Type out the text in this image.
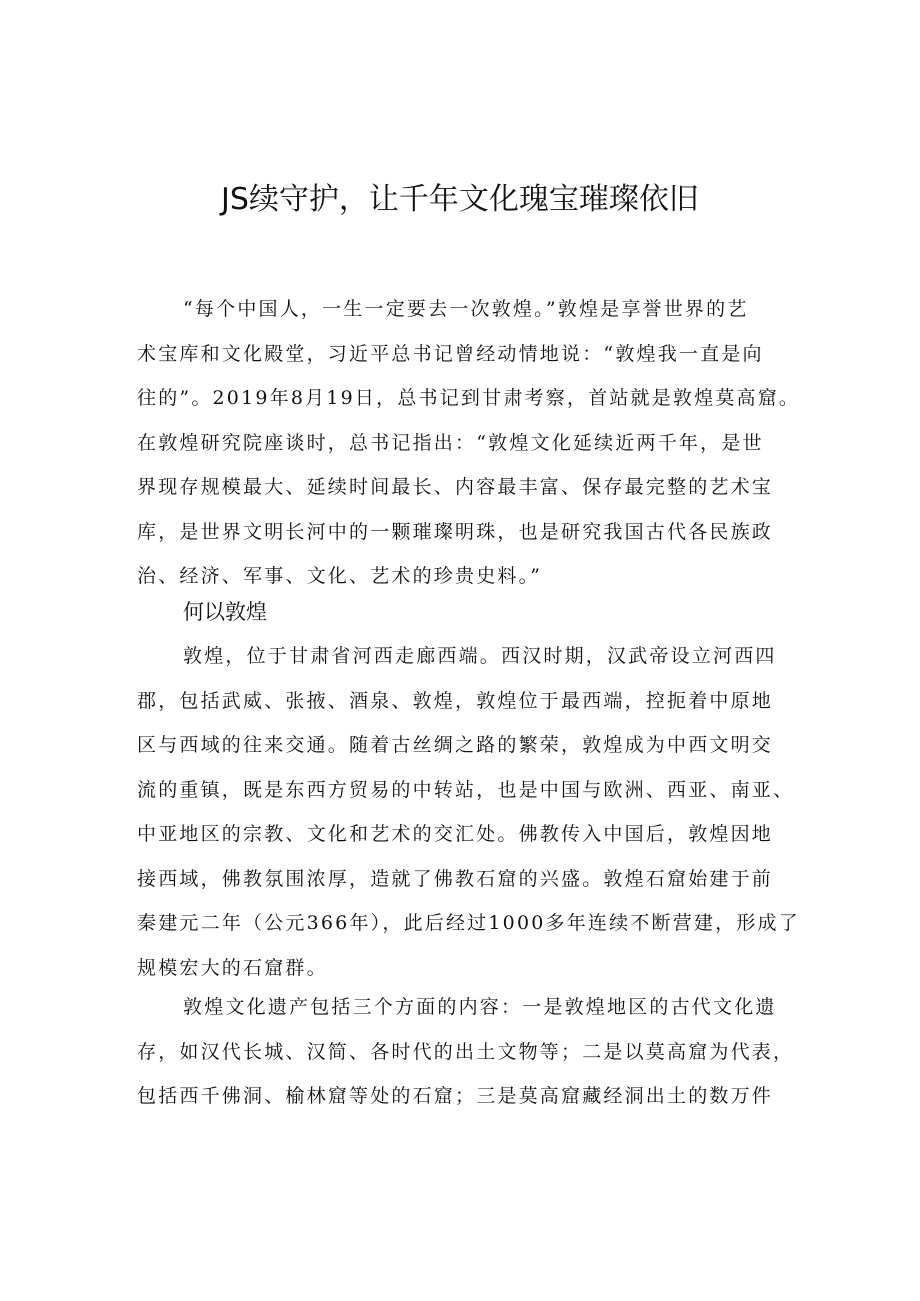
JS续守护，让千年文化瑰宝璀璨依旧
“每个中国人，一生一定要去一次敦煌。”敦煌是享誉世界的艺
术宝库和文化殿堂，习近平总书记曾经动情地说：“敦煌我一直是向
往的”。2019年8月19日，总书记到甘肃考察，首站就是敦煌莫高窟。
在敦煌研究院座谈时，总书记指出：“敦煌文化延续近两千年，是世
界现存规模最大、延续时间最长、内容最丰富、保存最完整的艺术宝
库，是世界文明长河中的一颗璀璨明珠，也是研究我国古代各民族政
治、经济、军事、文化、艺术的珍贵史料。”
何以敦煌
敦煌，位于甘肃省河西走廊西端。西汉时期，汉武帝设立河西四
郡，包括武威、张掖、酒泉、敦煌，敦煌位于最西端，控扼着中原地
区与西域的往来交通。随着古丝绸之路的繁荣，敦煌成为中西文明交
流的重镇，既是东西方贸易的中转站，也是中国与欧洲、西亚、南亚、
中亚地区的宗教、文化和艺术的交汇处。佛教传入中国后，敦煌因地
接西域，佛教氛围浓厚，造就了佛教石窟的兴盛。敦煌石窟始建于前
秦建元二年（公元366年），此后经过1000多年连续不断营建，形成了
规模宏大的石窟群。
敦煌文化遗产包括三个方面的内容：一是敦煌地区的古代文化遗
存，如汉代长城、汉简、各时代的出土文物等；二是以莫高窟为代表，
包括西千佛洞、榆林窟等处的石窟；三是莫高窟藏经洞出土的数万件
